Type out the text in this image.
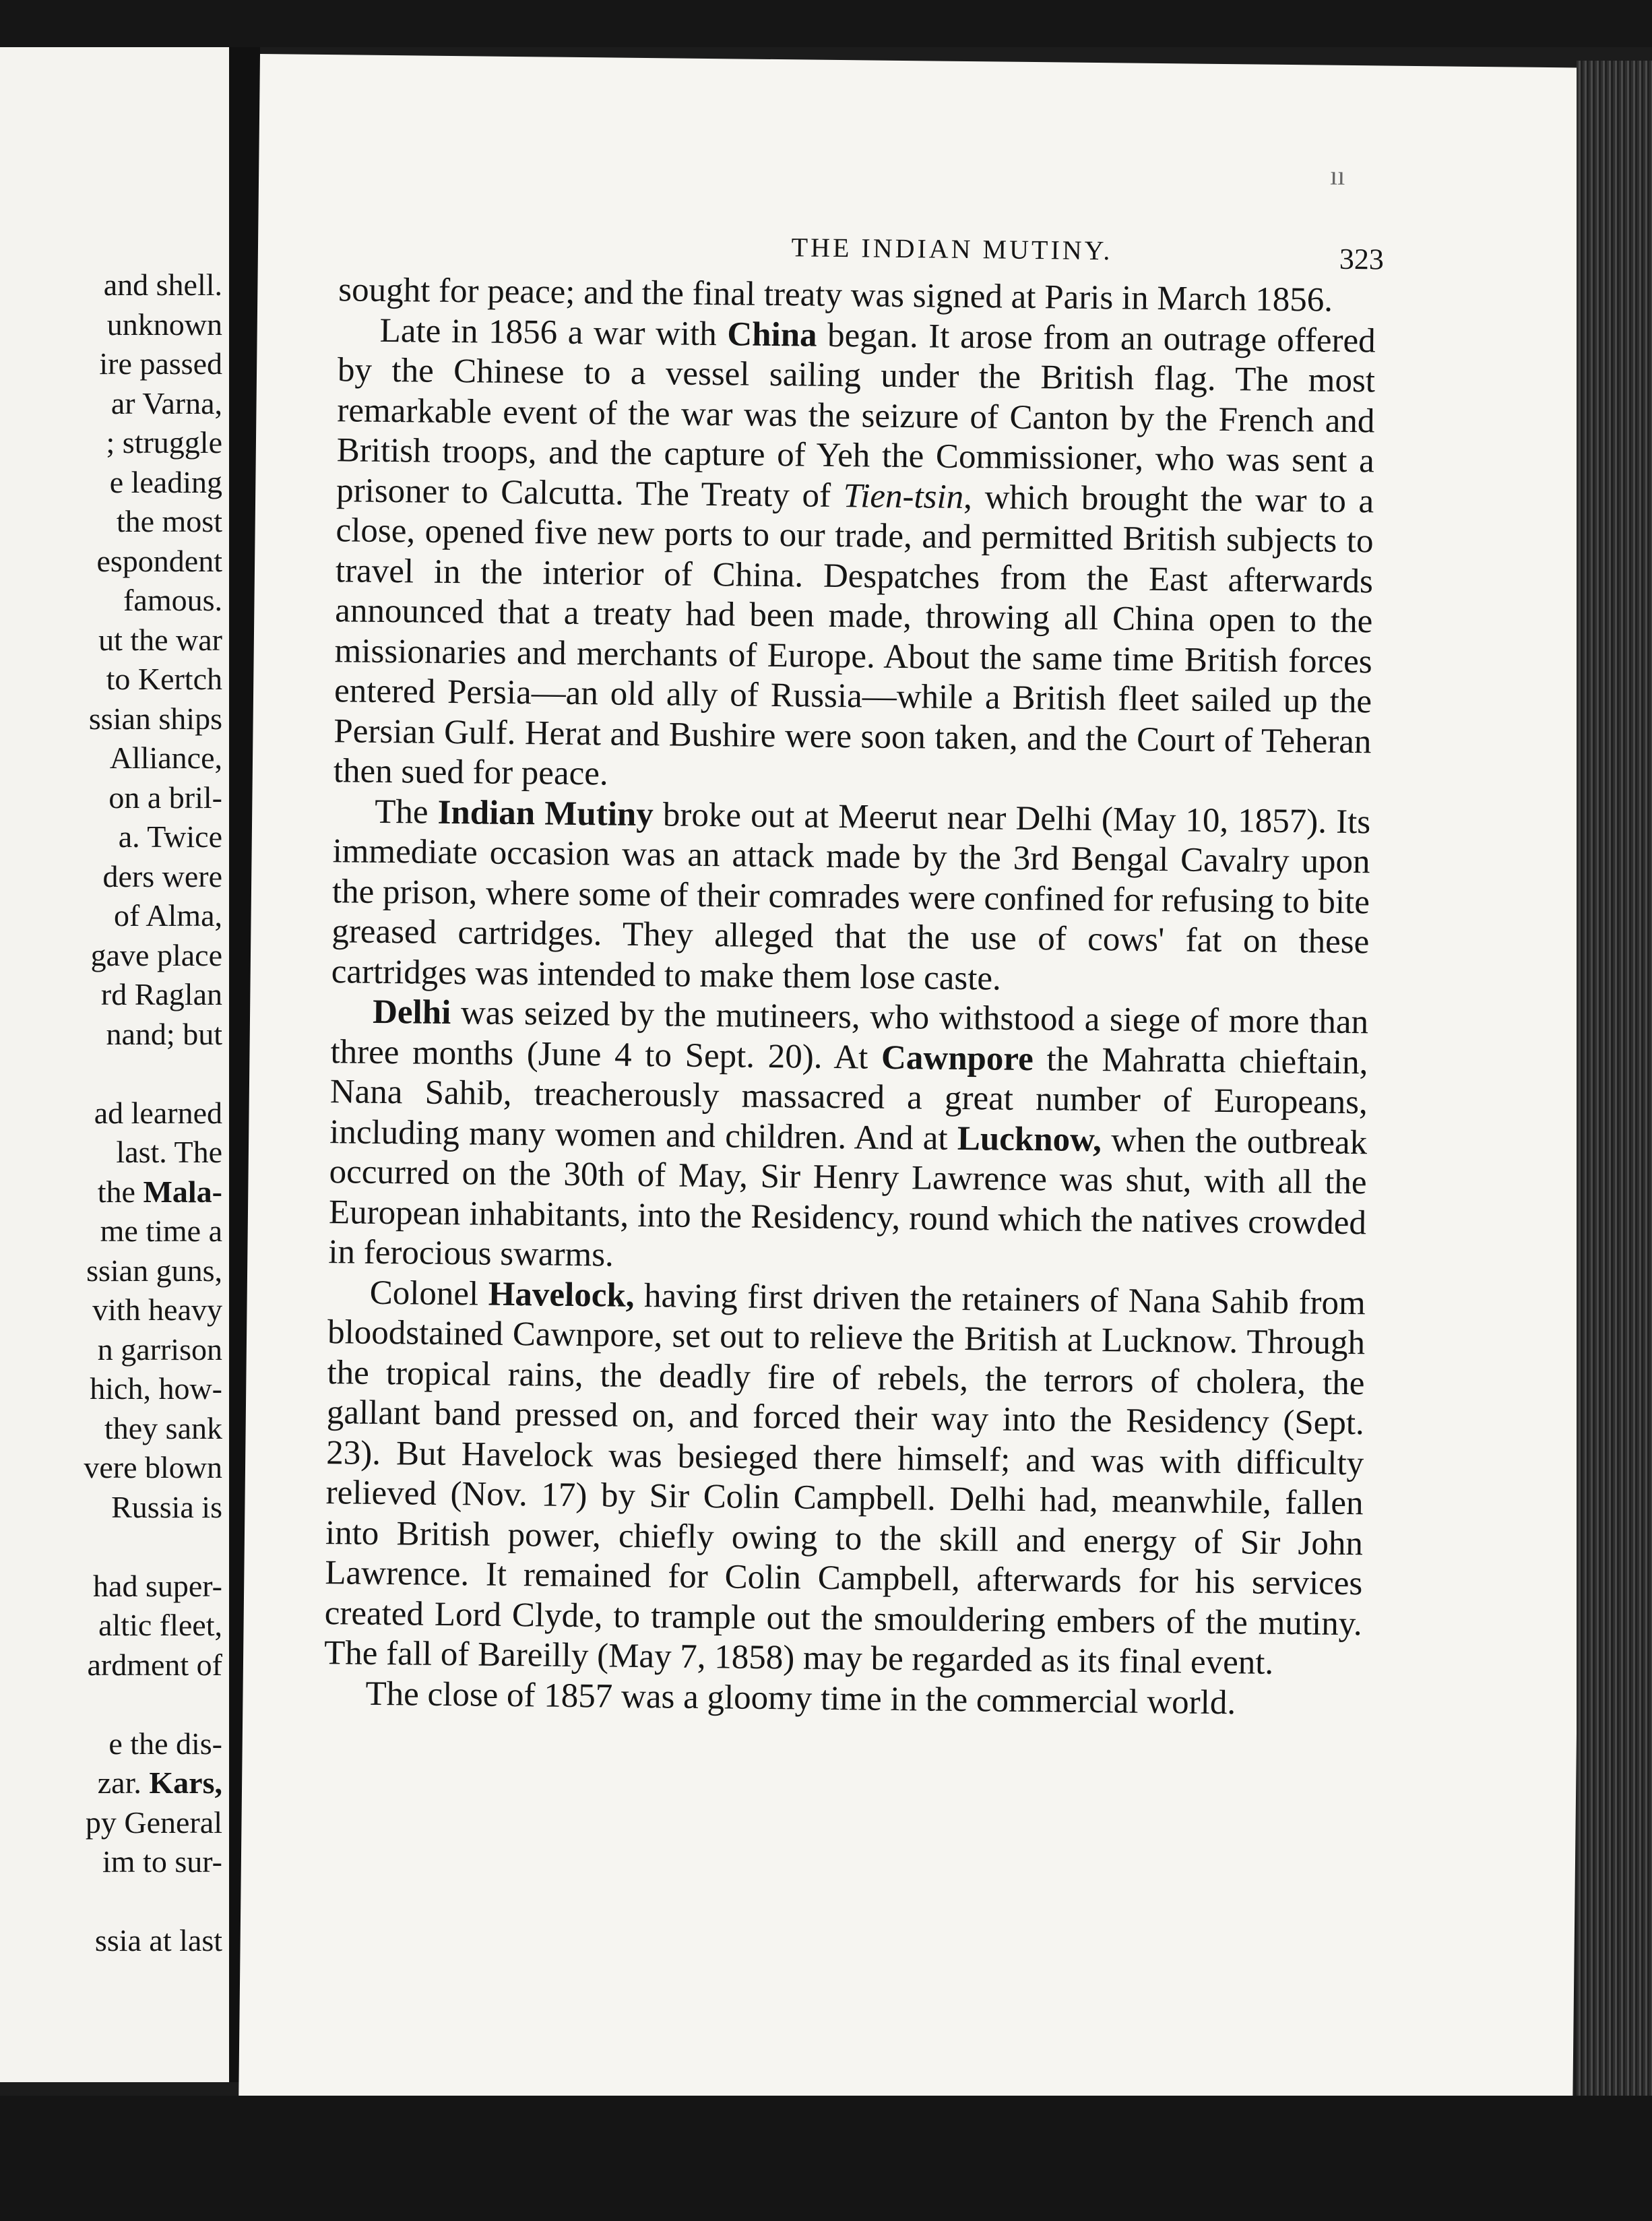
and shell.
unknown
ire passed
ar Varna,
; struggle
e leading
the most
espondent
famous.
ut the war
to Kertch
ssian ships
Alliance,
on a bril-
a. Twice
ders were
of Alma,
gave place
rd Raglan
nand; but
ad learned
last. The
the Mala-
me time a
ssian guns,
vith heavy
n garrison
hich, how-
they sank
vere blown
Russia is
had super-
altic fleet,
ardment of
e the dis-
zar. Kars,
py General
im to sur-
ssia at last
ıı
THE INDIAN MUTINY.	323

sought for peace; and the final treaty was signed at Paris in March 1856.

Late in 1856 a war with China began. It arose from an outrage offered by the Chinese to a vessel sailing under the British flag. The most remarkable event of the war was the seizure of Canton by the French and British troops, and the capture of Yeh the Commissioner, who was sent a prisoner to Calcutta. The Treaty of Tien-tsin, which brought the war to a close, opened five new ports to our trade, and permitted British subjects to travel in the interior of China. Despatches from the East afterwards announced that a treaty had been made, throwing all China open to the missionaries and merchants of Europe. About the same time British forces entered Persia—an old ally of Russia—while a British fleet sailed up the Persian Gulf. Herat and Bushire were soon taken, and the Court of Teheran then sued for peace.

The Indian Mutiny broke out at Meerut near Delhi (May 10, 1857). Its immediate occasion was an attack made by the 3rd Bengal Cavalry upon the prison, where some of their comrades were confined for refusing to bite greased cartridges. They alleged that the use of cows' fat on these cartridges was intended to make them lose caste.

Delhi was seized by the mutineers, who withstood a siege of more than three months (June 4 to Sept. 20). At Cawnpore the Mahratta chieftain, Nana Sahib, treacherously massacred a great number of Europeans, including many women and children. And at Lucknow, when the outbreak occurred on the 30th of May, Sir Henry Lawrence was shut, with all the European inhabitants, into the Residency, round which the natives crowded in ferocious swarms.

Colonel Havelock, having first driven the retainers of Nana Sahib from bloodstained Cawnpore, set out to relieve the British at Lucknow. Through the tropical rains, the deadly fire of rebels, the terrors of cholera, the gallant band pressed on, and forced their way into the Residency (Sept. 23). But Havelock was besieged there himself; and was with difficulty relieved (Nov. 17) by Sir Colin Campbell. Delhi had, meanwhile, fallen into British power, chiefly owing to the skill and energy of Sir John Lawrence. It remained for Colin Campbell, afterwards for his services created Lord Clyde, to trample out the smouldering embers of the mutiny. The fall of Bareilly (May 7, 1858) may be regarded as its final event.

The close of 1857 was a gloomy time in the commercial world.
